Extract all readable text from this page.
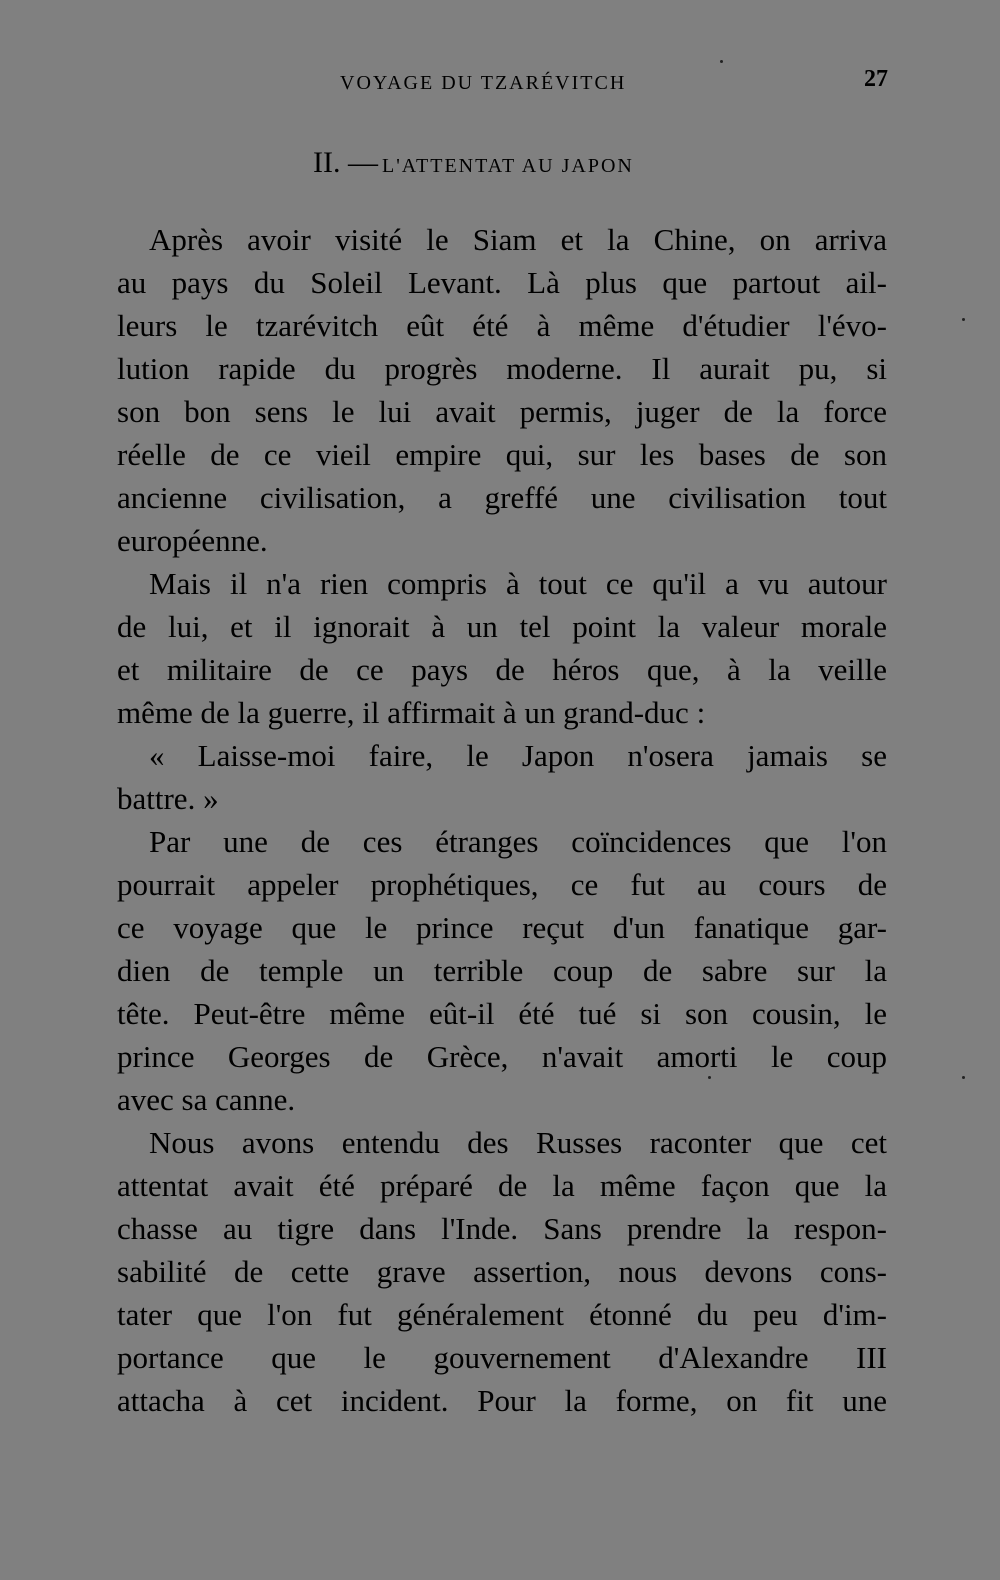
VOYAGE DU TZARÉVITCH	27
II. — L'ATTENTAT AU JAPON
Après avoir visité le Siam et la Chine, on arriva
au pays du Soleil Levant. Là plus que partout ail-
leurs le tzarévitch eût été à même d'étudier l'évo-
lution rapide du progrès moderne. Il aurait pu, si
son bon sens le lui avait permis, juger de la force
réelle de ce vieil empire qui, sur les bases de son
ancienne civilisation, a greffé une civilisation tout
européenne.
Mais il n'a rien compris à tout ce qu'il a vu autour
de lui, et il ignorait à un tel point la valeur morale
et militaire de ce pays de héros que, à la veille
même de la guerre, il affirmait à un grand-duc :
« Laisse-moi faire, le Japon n'osera jamais se
battre. »
Par une de ces étranges coïncidences que l'on
pourrait appeler prophétiques, ce fut au cours de
ce voyage que le prince reçut d'un fanatique gar-
dien de temple un terrible coup de sabre sur la
tête. Peut-être même eût-il été tué si son cousin, le
prince Georges de Grèce, n'avait amorti le coup
avec sa canne.
Nous avons entendu des Russes raconter que cet
attentat avait été préparé de la même façon que la
chasse au tigre dans l'Inde. Sans prendre la respon-
sabilité de cette grave assertion, nous devons cons-
tater que l'on fut généralement étonné du peu d'im-
portance que le gouvernement d'Alexandre III
attacha à cet incident. Pour la forme, on fit une
